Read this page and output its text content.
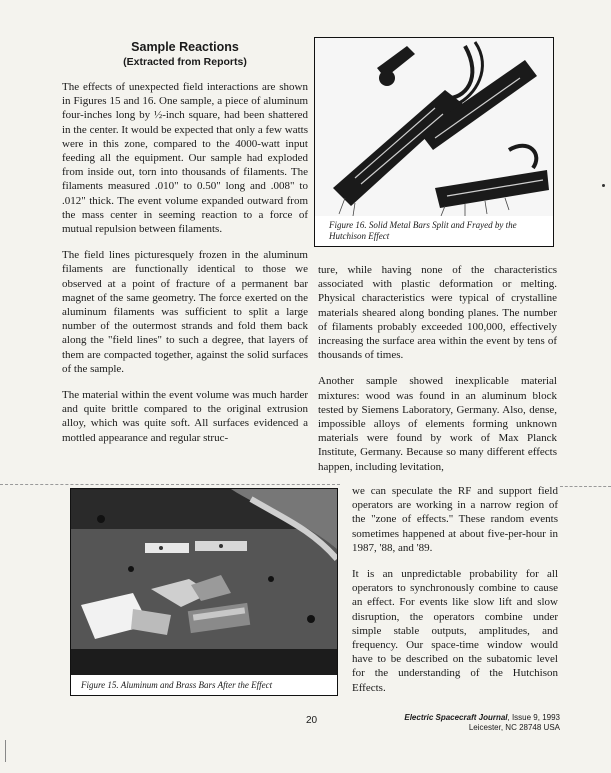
Sample Reactions
(Extracted from Reports)

The effects of unexpected field interactions are shown in Figures 15 and 16. One sample, a piece of aluminum four-inches long by ½-inch square, had been shattered in the center. It would be expected that only a few watts were in this zone, compared to the 4000-watt input feeding all the equipment. Our sample had exploded from inside out, torn into thousands of filaments. The filaments measured .010" to 0.50" long and .008" to .012" thick. The event volume expanded outward from the mass center in seeming reaction to a force of mutual repulsion between filaments.

The field lines picturesquely frozen in the aluminum filaments are functionally identical to those we observed at a point of fracture of a permanent bar magnet of the same geometry. The force exerted on the aluminum filaments was sufficient to split a large number of the outermost strands and fold them back along the "field lines" to such a degree, that layers of them are compacted together, against the solid surfaces of the sample.

The material within the event volume was much harder and quite brittle compared to the original extrusion alloy, which was quite soft. All surfaces evidenced a mottled appearance and regular struc-

Figure 16. Solid Metal Bars Split and Frayed by the Hutchison Effect

ture, while having none of the characteristics associated with plastic deformation or melting. Physical characteristics were typical of crystalline materials sheared along bonding planes. The number of filaments probably exceeded 100,000, effectively increasing the surface area within the event by tens of thousands of times.

Another sample showed inexplicable material mixtures: wood was found in an aluminum block tested by Siemens Laboratory, Germany. Also, dense, impossible alloys of elements forming unknown materials were found by work of Max Planck Institute, Germany. Because so many different effects happen, including levitation,

Figure 15. Aluminum and Brass Bars After the Effect

we can speculate the RF and support field operators are working in a narrow region of the "zone of effects." These random events sometimes happened at about five-per-hour in 1987, '88, and '89.

It is an unpredictable probability for all operators to synchronously combine to cause an effect. For events like slow lift and slow disruption, the operators combine under simple stable outputs, amplitudes, and frequency. Our space-time window would have to be described on the subatomic level for the understanding of the Hutchison Effects.

20	Electric Spacecraft Journal, Issue 9, 1993
Leicester, NC 28748 USA
